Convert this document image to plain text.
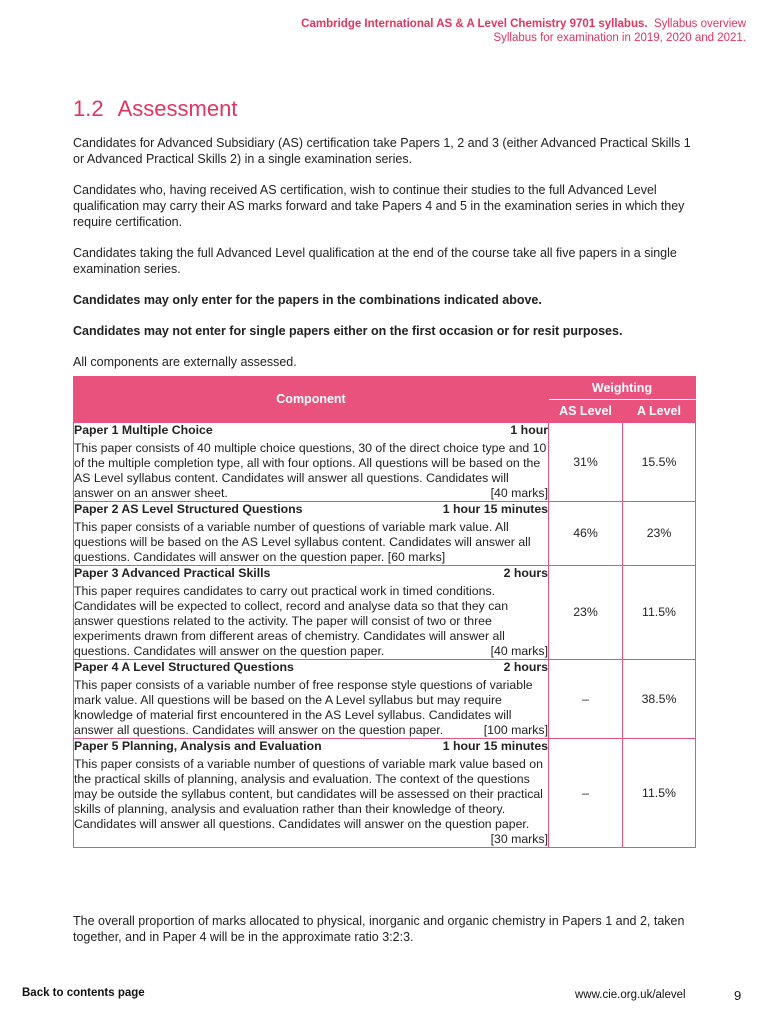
Cambridge International AS & A Level Chemistry 9701 syllabus. Syllabus overview
Syllabus for examination in 2019, 2020 and 2021.
1.2 Assessment

Candidates for Advanced Subsidiary (AS) certification take Papers 1, 2 and 3 (either Advanced Practical Skills 1 or Advanced Practical Skills 2) in a single examination series.

Candidates who, having received AS certification, wish to continue their studies to the full Advanced Level qualification may carry their AS marks forward and take Papers 4 and 5 in the examination series in which they require certification.

Candidates taking the full Advanced Level qualification at the end of the course take all five papers in a single examination series.

Candidates may only enter for the papers in the combinations indicated above.

Candidates may not enter for single papers either on the first occasion or for resit purposes.

All components are externally assessed.

Component	Weighting	
	AS Level	A Level

Paper 1 Multiple Choice 1 hour
This paper consists of 40 multiple choice questions, 30 of the direct choice type and 10 of the multiple completion type, all with four options. All questions will be based on the AS Level syllabus content. Candidates will answer all questions. Candidates will answer on an answer sheet. [40 marks]	31%	15.5%

Paper 2 AS Level Structured Questions 1 hour 15 minutes
This paper consists of a variable number of questions of variable mark value. All questions will be based on the AS Level syllabus content. Candidates will answer all questions. Candidates will answer on the question paper. [60 marks]	46%	23%

Paper 3 Advanced Practical Skills 2 hours
This paper requires candidates to carry out practical work in timed conditions. Candidates will be expected to collect, record and analyse data so that they can answer questions related to the activity. The paper will consist of two or three experiments drawn from different areas of chemistry. Candidates will answer all questions. Candidates will answer on the question paper. [40 marks]	23%	11.5%

Paper 4 A Level Structured Questions 2 hours
This paper consists of a variable number of free response style questions of variable mark value. All questions will be based on the A Level syllabus but may require knowledge of material first encountered in the AS Level syllabus. Candidates will answer all questions. Candidates will answer on the question paper. [100 marks]	–	38.5%

Paper 5 Planning, Analysis and Evaluation 1 hour 15 minutes
This paper consists of a variable number of questions of variable mark value based on the practical skills of planning, analysis and evaluation. The context of the questions may be outside the syllabus content, but candidates will be assessed on their practical skills of planning, analysis and evaluation rather than their knowledge of theory. Candidates will answer all questions. Candidates will answer on the question paper.
[30 marks]	–	11.5%
The overall proportion of marks allocated to physical, inorganic and organic chemistry in Papers 1 and 2, taken together, and in Paper 4 will be in the approximate ratio 3:2:3.
Back to contents page	www.cie.org.uk/alevel	9
